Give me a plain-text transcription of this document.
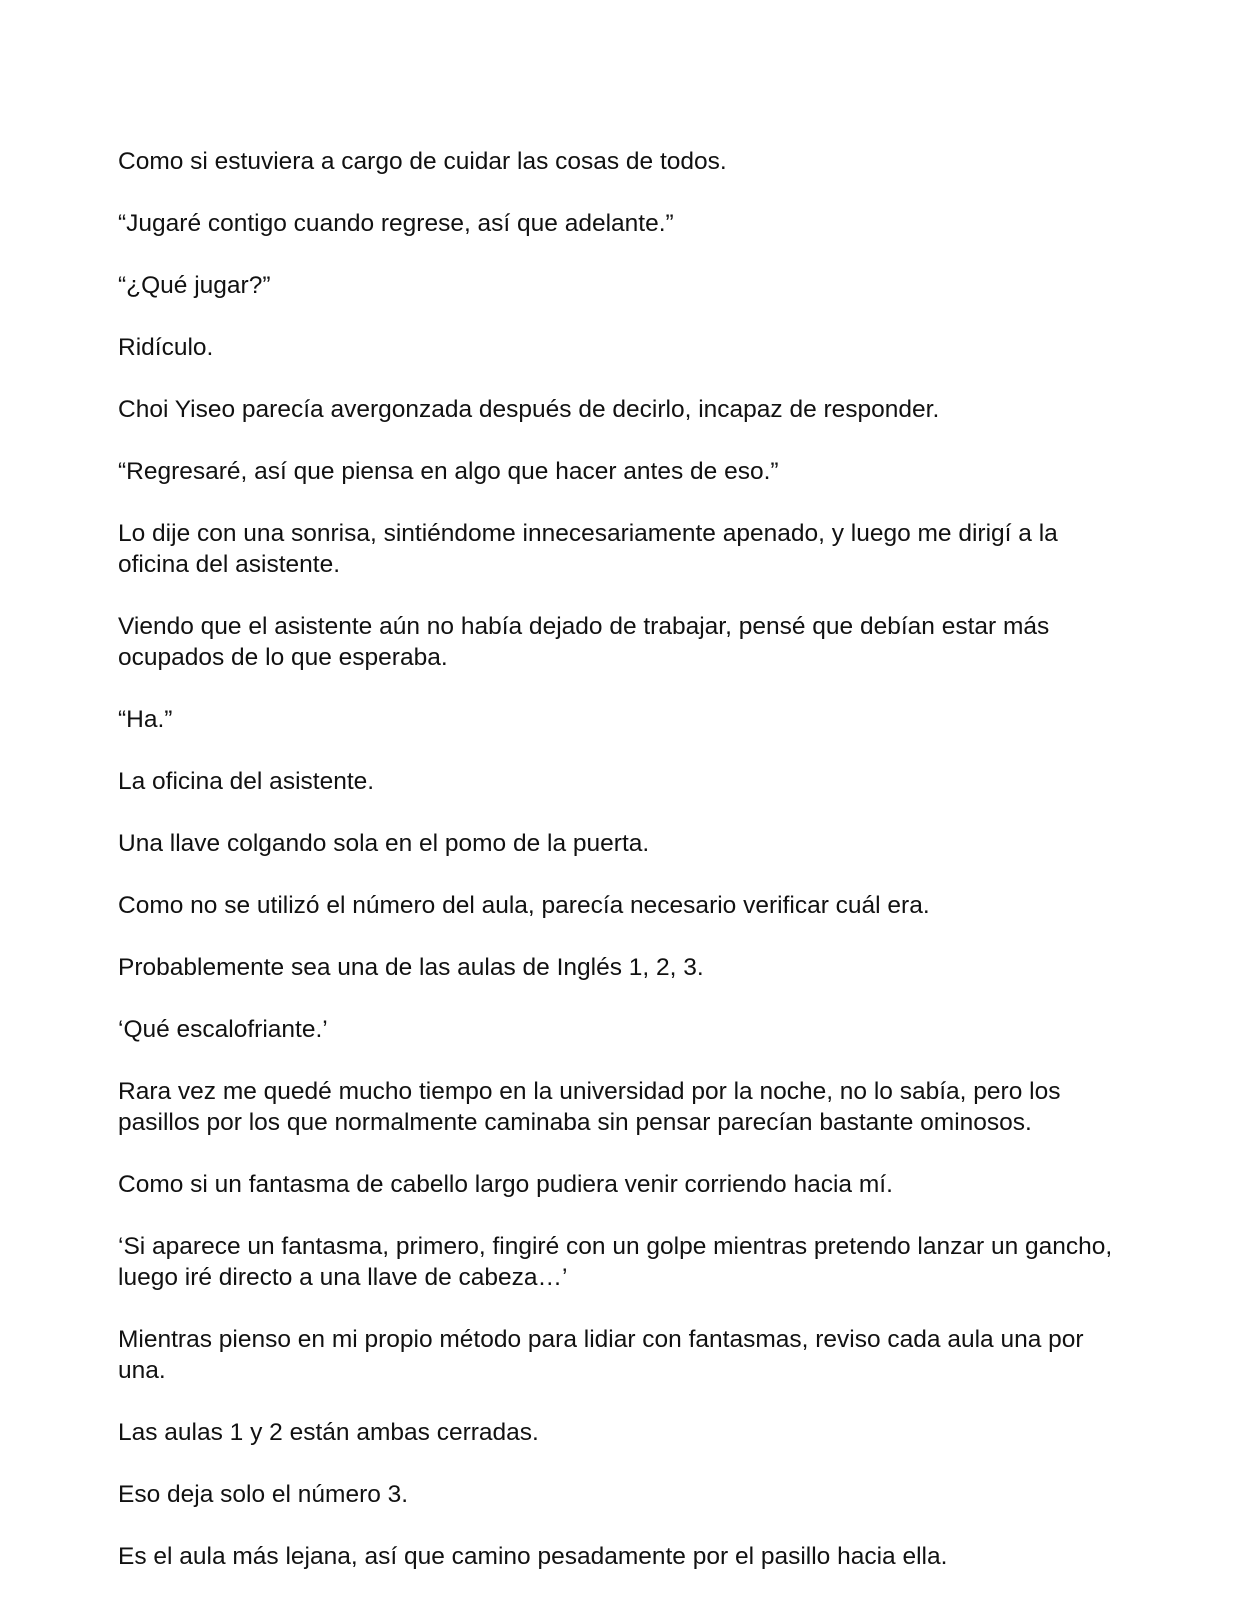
Como si estuviera a cargo de cuidar las cosas de todos.

“Jugaré contigo cuando regrese, así que adelante.”

“¿Qué jugar?”

Ridículo.

Choi Yiseo parecía avergonzada después de decirlo, incapaz de responder.

“Regresaré, así que piensa en algo que hacer antes de eso.”

Lo dije con una sonrisa, sintiéndome innecesariamente apenado, y luego me dirigí a la oficina del asistente.

Viendo que el asistente aún no había dejado de trabajar, pensé que debían estar más ocupados de lo que esperaba.

“Ha.”

La oficina del asistente.

Una llave colgando sola en el pomo de la puerta.

Como no se utilizó el número del aula, parecía necesario verificar cuál era.

Probablemente sea una de las aulas de Inglés 1, 2, 3.

‘Qué escalofriante.’

Rara vez me quedé mucho tiempo en la universidad por la noche, no lo sabía, pero los pasillos por los que normalmente caminaba sin pensar parecían bastante ominosos.

Como si un fantasma de cabello largo pudiera venir corriendo hacia mí.

‘Si aparece un fantasma, primero, fingiré con un golpe mientras pretendo lanzar un gancho, luego iré directo a una llave de cabeza…’

Mientras pienso en mi propio método para lidiar con fantasmas, reviso cada aula una por una.

Las aulas 1 y 2 están ambas cerradas.

Eso deja solo el número 3.

Es el aula más lejana, así que camino pesadamente por el pasillo hacia ella.
